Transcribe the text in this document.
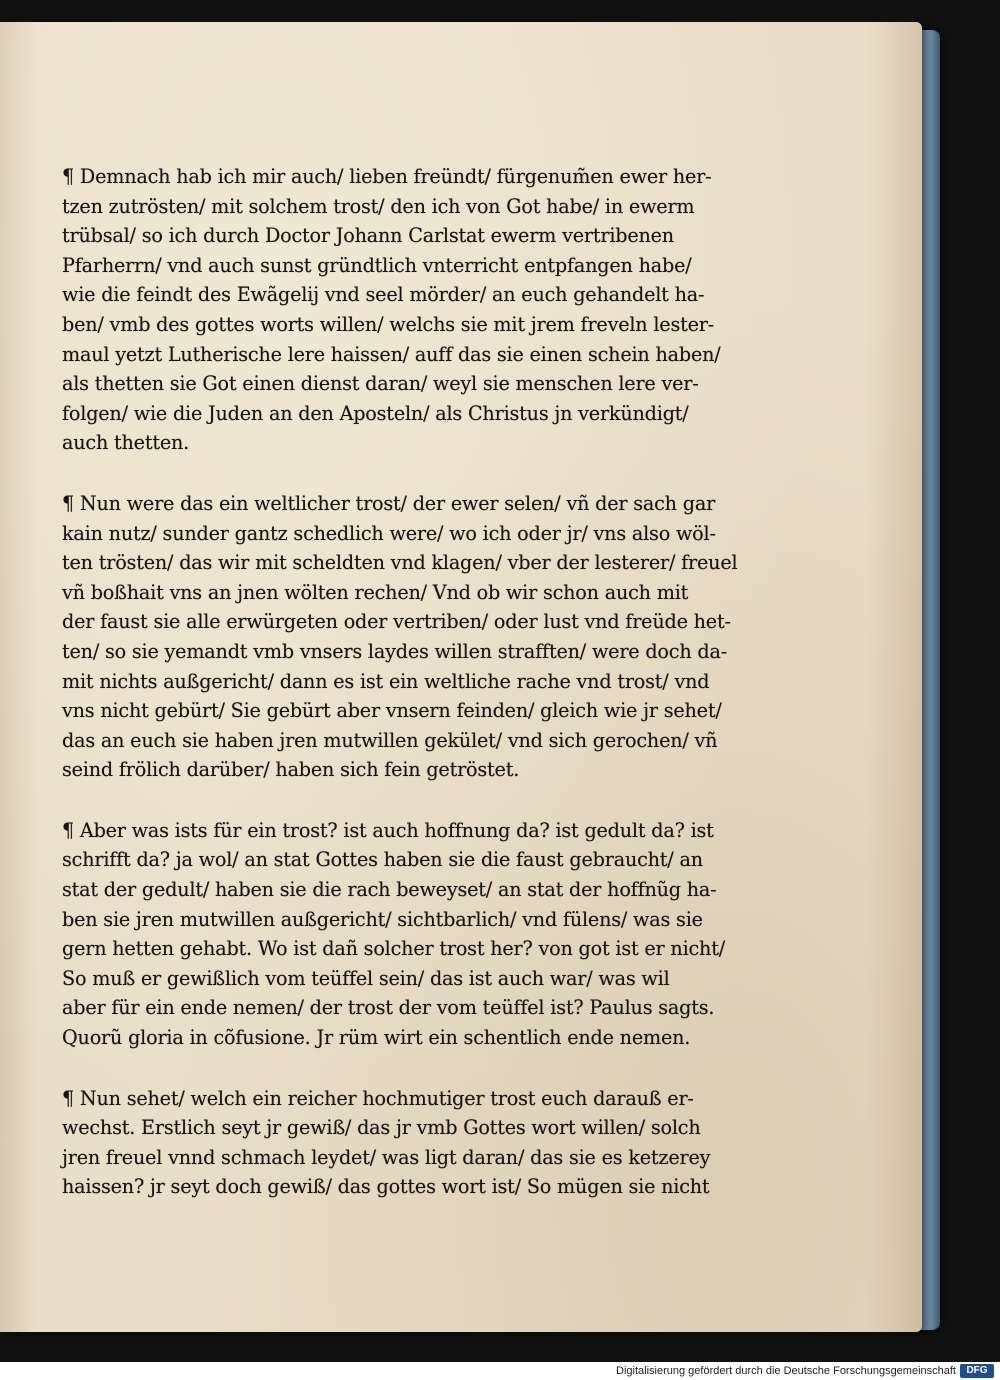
¶ Demnach hab ich mir auch/ lieben freündt/ fürgenum̃en ewer her-
tzen zutrösten/ mit solchem trost/ den ich von Got habe/ in ewerm
trübsal/ so ich durch Doctor Johann Carlstat ewerm vertribenen
Pfarherrn/ vnd auch sunst gründtlich vnterricht entpfangen habe/
wie die feindt des Ewãgelij vnd seel mörder/ an euch gehandelt ha-
ben/ vmb des gottes worts willen/ welchs sie mit jrem freveln lester-
maul yetzt Lutherische lere haissen/ auff das sie einen schein haben/
als thetten sie Got einen dienst daran/ weyl sie menschen lere ver-
folgen/ wie die Juden an den Aposteln/ als Christus jn verkündigt/
auch thetten.
¶ Nun were das ein weltlicher trost/ der ewer selen/ vñ der sach gar
kain nutz/ sunder gantz schedlich were/ wo ich oder jr/ vns also wöl-
ten trösten/ das wir mit scheldten vnd klagen/ vber der lesterer/ freuel
vñ boßhait vns an jnen wölten rechen/ Vnd ob wir schon auch mit
der faust sie alle erwürgeten oder vertriben/ oder lust vnd freüde het-
ten/ so sie yemandt vmb vnsers laydes willen strafften/ were doch da-
mit nichts außgericht/ dann es ist ein weltliche rache vnd trost/ vnd
vns nicht gebürt/ Sie gebürt aber vnsern feinden/ gleich wie jr sehet/
das an euch sie haben jren mutwillen gekület/ vnd sich gerochen/ vñ
seind frölich darüber/ haben sich fein getröstet.
¶ Aber was ists für ein trost? ist auch hoffnung da? ist gedult da? ist
schrifft da? ja wol/ an stat Gottes haben sie die faust gebraucht/ an
stat der gedult/ haben sie die rach beweyset/ an stat der hoffnũg ha-
ben sie jren mutwillen außgericht/ sichtbarlich/ vnd fülens/ was sie
gern hetten gehabt. Wo ist dañ solcher trost her? von got ist er nicht/
So muß er gewißlich vom teüffel sein/ das ist auch war/ was wil
aber für ein ende nemen/ der trost der vom teüffel ist? Paulus sagts.
Quorũ gloria in cõfusione. Jr rüm wirt ein schentlich ende nemen.
¶ Nun sehet/ welch ein reicher hochmutiger trost euch darauß er-
wechst. Erstlich seyt jr gewiß/ das jr vmb Gottes wort willen/ solch
jren freuel vnnd schmach leydet/ was ligt daran/ das sie es ketzerey
haissen? jr seyt doch gewiß/ das gottes wort ist/ So mügen sie nicht
Digitalisierung gefördert durch die Deutsche Forschungsgemeinschaft	DFG
